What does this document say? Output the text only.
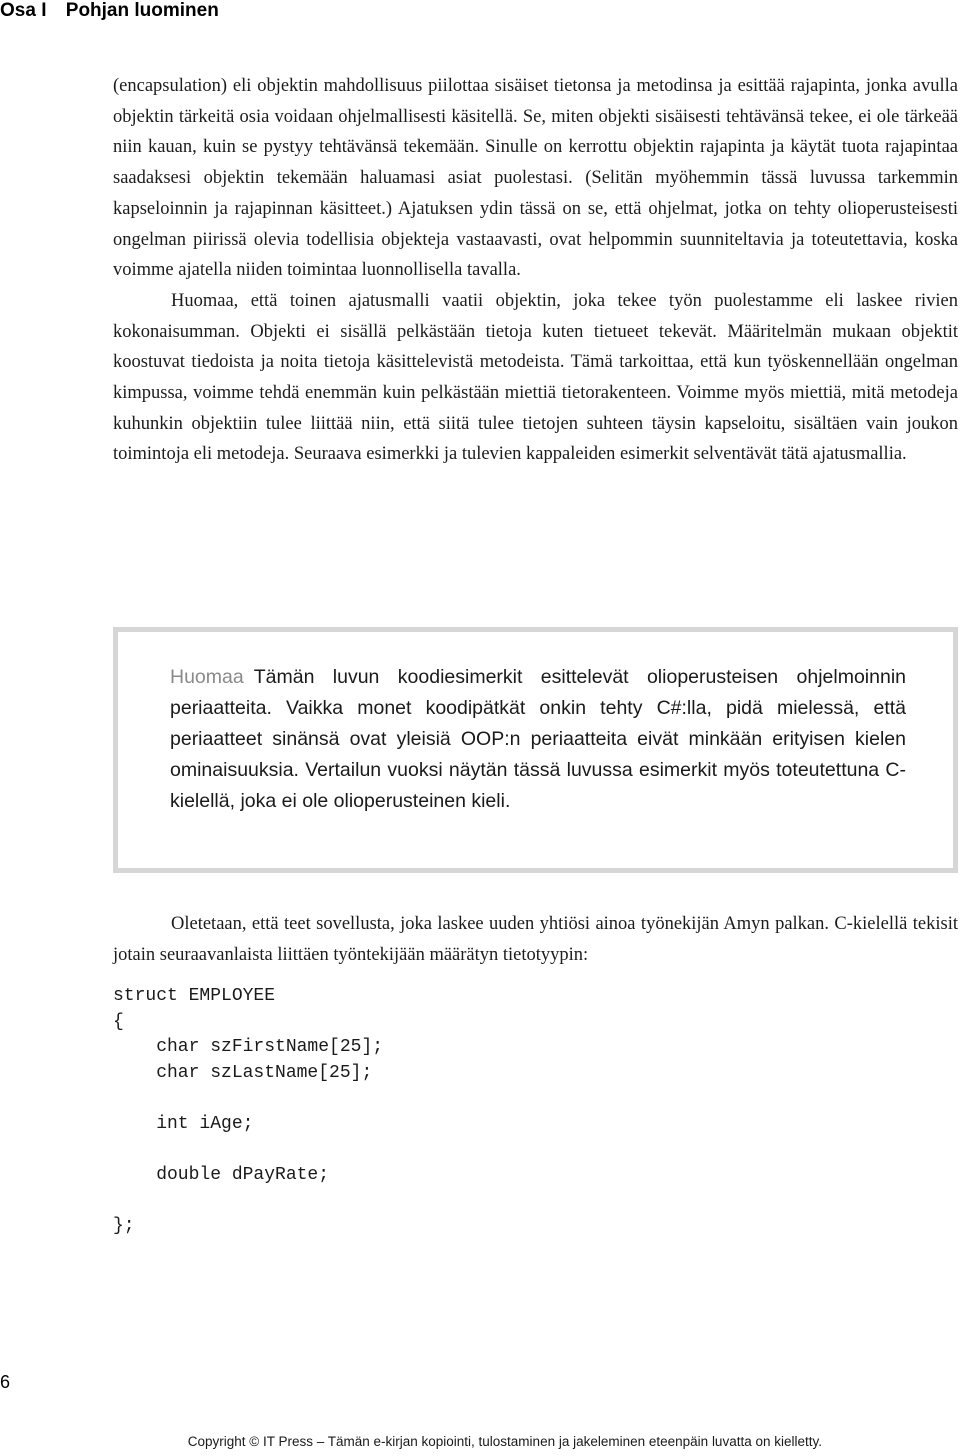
Osa I Pohjan luominen

(encapsulation) eli objektin mahdollisuus piilottaa sisäiset tietonsa ja metodinsa ja esittää rajapinta, jonka avulla objektin tärkeitä osia voidaan ohjelmallisesti käsitellä. Se, miten objekti sisäisesti tehtävänsä tekee, ei ole tärkeää niin kauan, kuin se pystyy tehtävänsä tekemään. Sinulle on kerrottu objektin rajapinta ja käytät tuota rajapintaa saadaksesi objektin tekemään haluamasi asiat puolestasi. (Selitän myöhemmin tässä luvussa tarkemmin kapseloinnin ja rajapinnan käsitteet.) Ajatuksen ydin tässä on se, että ohjelmat, jotka on tehty olioperusteisesti ongelman piirissä olevia todellisia objekteja vastaavasti, ovat helpommin suunniteltavia ja toteutettavia, koska voimme ajatella niiden toimintaa luonnollisella tavalla.

Huomaa, että toinen ajatusmalli vaatii objektin, joka tekee työn puolestamme eli laskee rivien kokonaisumman. Objekti ei sisällä pelkästään tietoja kuten tietueet tekevät. Määritelmän mukaan objektit koostuvat tiedoista ja noita tietoja käsittelevistä metodeista. Tämä tarkoittaa, että kun työskennellään ongelman kimpussa, voimme tehdä enemmän kuin pelkästään miettiä tietorakenteen. Voimme myös miettiä, mitä metodeja kuhunkin objektiin tulee liittää niin, että siitä tulee tietojen suhteen täysin kapseloitu, sisältäen vain joukon toimintoja eli metodeja. Seuraava esimerkki ja tulevien kappaleiden esimerkit selventävät tätä ajatusmallia.

Huomaa Tämän luvun koodiesimerkit esittelevät olioperusteisen ohjelmoinnin periaatteita. Vaikka monet koodipätkät onkin tehty C#:lla, pidä mielessä, että periaatteet sinänsä ovat yleisiä OOP:n periaatteita eivät minkään erityisen kielen ominaisuuksia. Vertailun vuoksi näytän tässä luvussa esimerkit myös toteutettuna C-kielellä, joka ei ole olioperusteinen kieli.

Oletetaan, että teet sovellusta, joka laskee uuden yhtiösi ainoa työnekijän Amyn palkan. C-kielellä tekisit jotain seuraavanlaista liittäen työntekijään määrätyn tietotyypin:

struct EMPLOYEE
{
char szFirstName[25];
char szLastName[25];

int iAge;

double dPayRate;

};
6
Copyright © IT Press – Tämän e-kirjan kopiointi, tulostaminen ja jakeleminen eteenpäin luvatta on kielletty.
